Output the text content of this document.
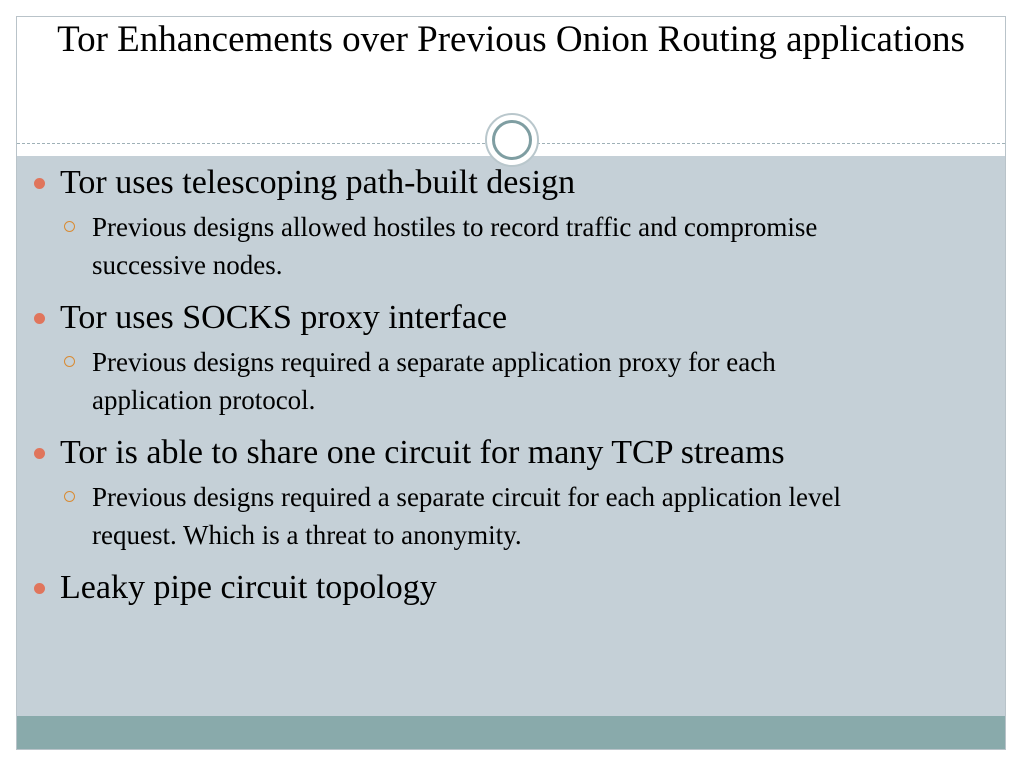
Tor Enhancements over Previous Onion Routing applications
Tor uses telescoping path-built design
Previous designs allowed hostiles to record traffic and compromise successive nodes.
Tor uses SOCKS proxy interface
Previous designs required a separate application proxy for each application protocol.
Tor is able to share one circuit for many TCP streams
Previous designs required a separate circuit for each application level request. Which is a threat to anonymity.
Leaky pipe circuit topology
